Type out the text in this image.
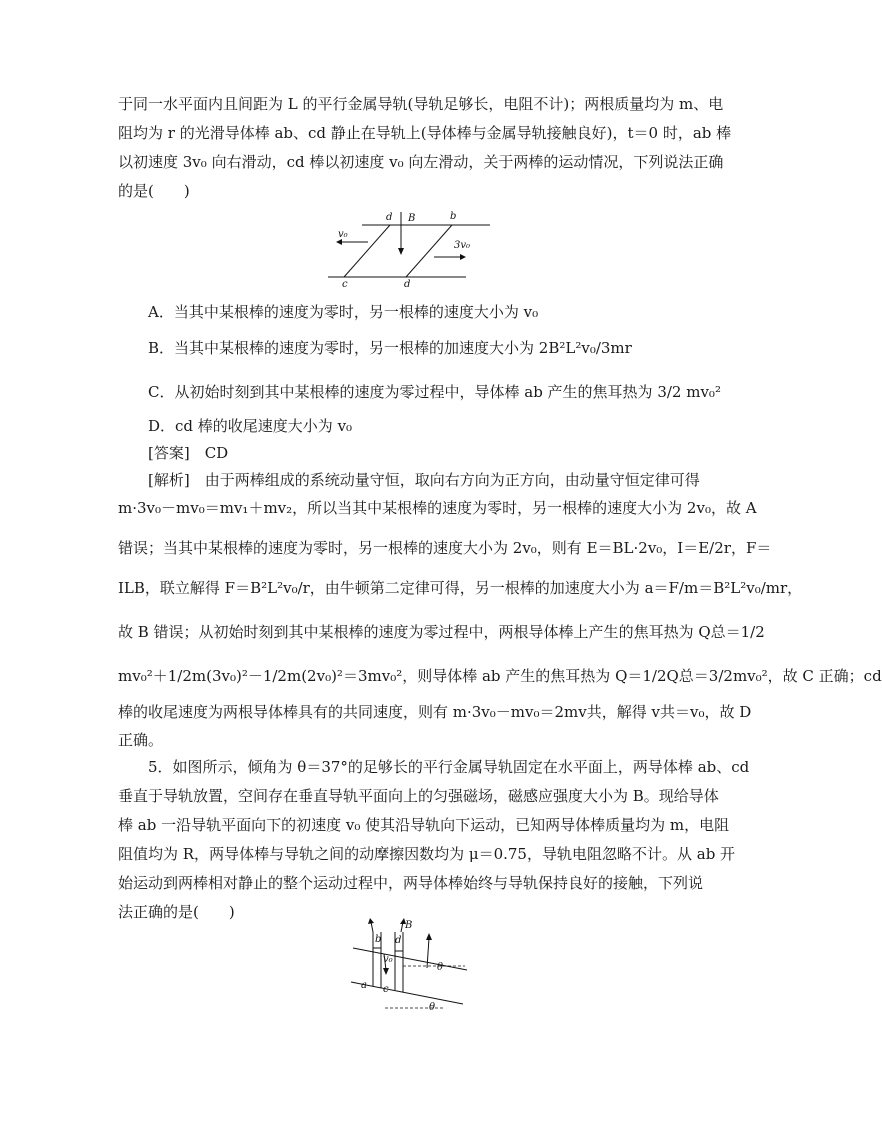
于同一水平面内且间距为 L 的平行金属导轨(导轨足够长，电阻不计)；两根质量均为 m、电
阻均为 r 的光滑导体棒 ab、cd 静止在导轨上(导体棒与金属导轨接触良好)，t＝0 时，ab 棒
以初速度 3v₀ 向右滑动，cd 棒以初速度 v₀ 向左滑动，关于两棒的运动情况，下列说法正确
的是(　　)
d B	b
v₀
3v₀
c	d
A．当其中某根棒的速度为零时，另一根棒的速度大小为 v₀
B．当其中某根棒的速度为零时，另一根棒的加速度大小为 2B²L²v₀/3mr
C．从初始时刻到其中某根棒的速度为零过程中，导体棒 ab 产生的焦耳热为 3/2 mv₀²
D．cd 棒的收尾速度大小为 v₀
[答案]　CD
[解析]　由于两棒组成的系统动量守恒，取向右方向为正方向，由动量守恒定律可得
m·3v₀－mv₀＝mv₁＋mv₂，所以当其中某根棒的速度为零时，另一根棒的速度大小为 2v₀，故 A
错误；当其中某根棒的速度为零时，另一根棒的速度大小为 2v₀，则有 E＝BL·2v₀，I＝E/2r，F＝
ILB，联立解得 F＝B²L²v₀/r，由牛顿第二定律可得，另一根棒的加速度大小为 a＝F/m＝B²L²v₀/mr，
故 B 错误；从初始时刻到其中某根棒的速度为零过程中，两根导体棒上产生的焦耳热为 Q总＝1/2
mv₀²＋1/2m(3v₀)²－1/2m(2v₀)²＝3mv₀²，则导体棒 ab 产生的焦耳热为 Q＝1/2Q总＝3/2mv₀²，故 C 正确；cd
棒的收尾速度为两根导体棒具有的共同速度，则有 m·3v₀－mv₀＝2mv共，解得 v共＝v₀，故 D
正确。
5．如图所示，倾角为 θ＝37°的足够长的平行金属导轨固定在水平面上，两导体棒 ab、cd
垂直于导轨放置，空间存在垂直导轨平面向上的匀强磁场，磁感应强度大小为 B。现给导体
棒 ab 一沿导轨平面向下的初速度 v₀ 使其沿导轨向下运动，已知两导体棒质量均为 m，电阻
阻值均为 R，两导体棒与导轨之间的动摩擦因数均为 μ＝0.75，导轨电阻忽略不计。从 ab 开
始运动到两棒相对静止的整个运动过程中，两导体棒始终与导轨保持良好的接触，下列说
法正确的是(　　)
b d
B
v₀
θ
a c
θ
